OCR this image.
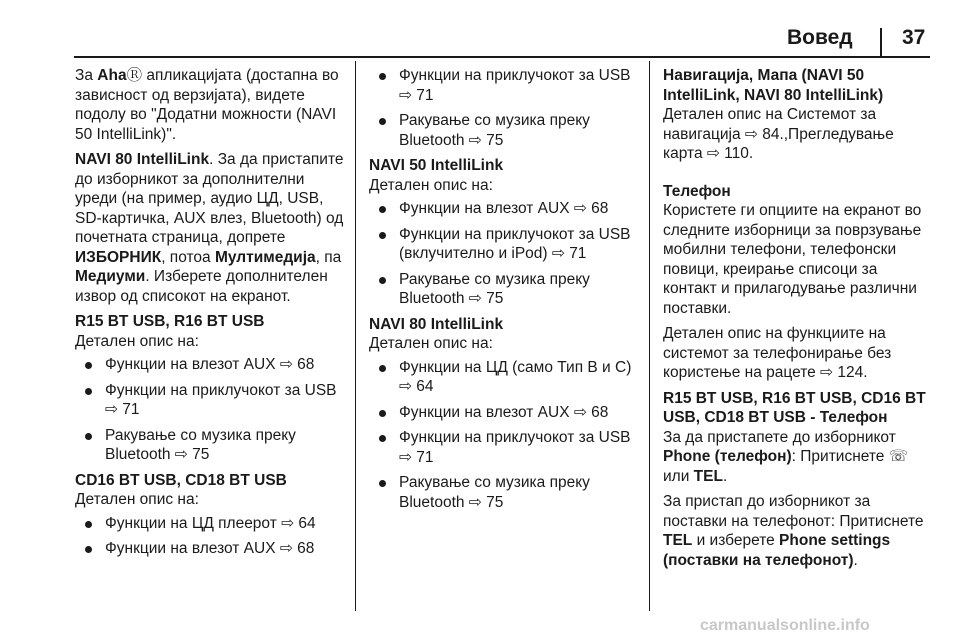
Вовед 37

За AhaⓇ апликацијата (достапна во зависност од верзијата), видете подолу во "Додатни можности (NAVI 50 IntelliLink)".

NAVI 80 IntelliLink. За да пристапите до изборникот за дополнителни уреди (на пример, аудио ЦД, USB, SD-картичка, AUX влез, Bluetooth) од почетната страница, допрете ИЗБОРНИК, потоа Мултимедија, па Медиуми. Изберете дополнителен извор од списокот на екранот.

R15 BT USB, R16 BT USB
Детален опис на:
Функции на влезот AUX ⇨ 68
Функции на приклучокот за USB ⇨ 71
Ракување со музика преку Bluetooth ⇨ 75
CD16 BT USB, CD18 BT USB
Детален опис на:
Функции на ЦД плеерот ⇨ 64
Функции на влезот AUX ⇨ 68
Функции на приклучокот за USB ⇨ 71
Ракување со музика преку Bluetooth ⇨ 75
NAVI 50 IntelliLink
Детален опис на:
Функции на влезот AUX ⇨ 68
Функции на приклучокот за USB (вклучително и iPod) ⇨ 71
Ракување со музика преку Bluetooth ⇨ 75
NAVI 80 IntelliLink
Детален опис на:
Функции на ЦД (само Тип B и C) ⇨ 64
Функции на влезот AUX ⇨ 68
Функции на приклучокот за USB ⇨ 71
Ракување со музика преку Bluetooth ⇨ 75
Навигација, Мапа (NAVI 50 IntelliLink, NAVI 80 IntelliLink)

Детален опис на Системот за навигација ⇨ 84.,Прегледување карта ⇨ 110.

Телефон

Користете ги опциите на екранот во следните изборници за поврзување мобилни телефони, телефонски повици, креирање списоци за контакт и прилагодување различни поставки.

Детален опис на функциите на системот за телефонирање без користење на рацете ⇨ 124.

R15 BT USB, R16 BT USB, CD16 BT USB, CD18 BT USB - Телефон

За да пристапете до изборникот Phone (телефон): Притиснете ☏ или TEL.

За пристап до изборникот за поставки на телефонот: Притиснете TEL и изберете Phone settings (поставки на телефонот).

carmanualsonline.info
